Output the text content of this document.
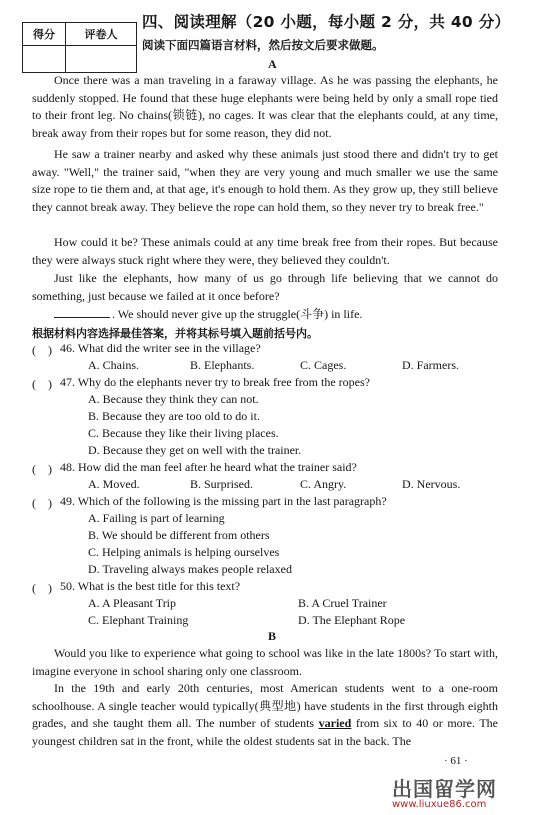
得分	评卷人

四、阅读理解（20 小题，每小题 2 分，共 40 分）
阅读下面四篇语言材料，然后按文后要求做题。
A
Once there was a man traveling in a faraway village. As he was passing the elephants, he suddenly stopped. He found that these huge elephants were being held by only a small rope tied to their front leg. No chains(锁链), no cages. It was clear that the elephants could, at any time, break away from their ropes but for some reason, they did not.
He saw a trainer nearby and asked why these animals just stood there and didn't try to get away. "Well," the trainer said, "when they are very young and much smaller we use the same size rope to tie them and, at that age, it's enough to hold them. As they grow up, they still believe they cannot break away. They believe the rope can hold them, so they never try to break free."
How could it be? These animals could at any time break free from their ropes. But because they were always stuck right where they were, they believed they couldn't.
Just like the elephants, how many of us go through life believing that we cannot do something, just because we failed at it once before?
. We should never give up the struggle(斗争) in life.
根据材料内容选择最佳答案，并将其标号填入题前括号内。
(　) 46. What did the writer see in the village?
A. Chains.	B. Elephants.	C. Cages.	D. Farmers.
(　) 47. Why do the elephants never try to break free from the ropes?
A. Because they think they can not.
B. Because they are too old to do it.
C. Because they like their living places.
D. Because they get on well with the trainer.
(　) 48. How did the man feel after he heard what the trainer said?
A. Moved.	B. Surprised.	C. Angry.	D. Nervous.
(　) 49. Which of the following is the missing part in the last paragraph?
A. Failing is part of learning
B. We should be different from others
C. Helping animals is helping ourselves
D. Traveling always makes people relaxed
(　) 50. What is the best title for this text?
A. A Pleasant Trip	B. A Cruel Trainer
C. Elephant Training	D. The Elephant Rope
B
Would you like to experience what going to school was like in the late 1800s? To start with, imagine everyone in school sharing only one classroom.
In the 19th and early 20th centuries, most American students went to a one-room schoolhouse. A single teacher would typically(典型地) have students in the first through eighth grades, and she taught them all. The number of students varied from six to 40 or more. The youngest children sat in the front, while the oldest students sat in the back. The
· 61 ·
出国留学网
www.liuxue86.com
